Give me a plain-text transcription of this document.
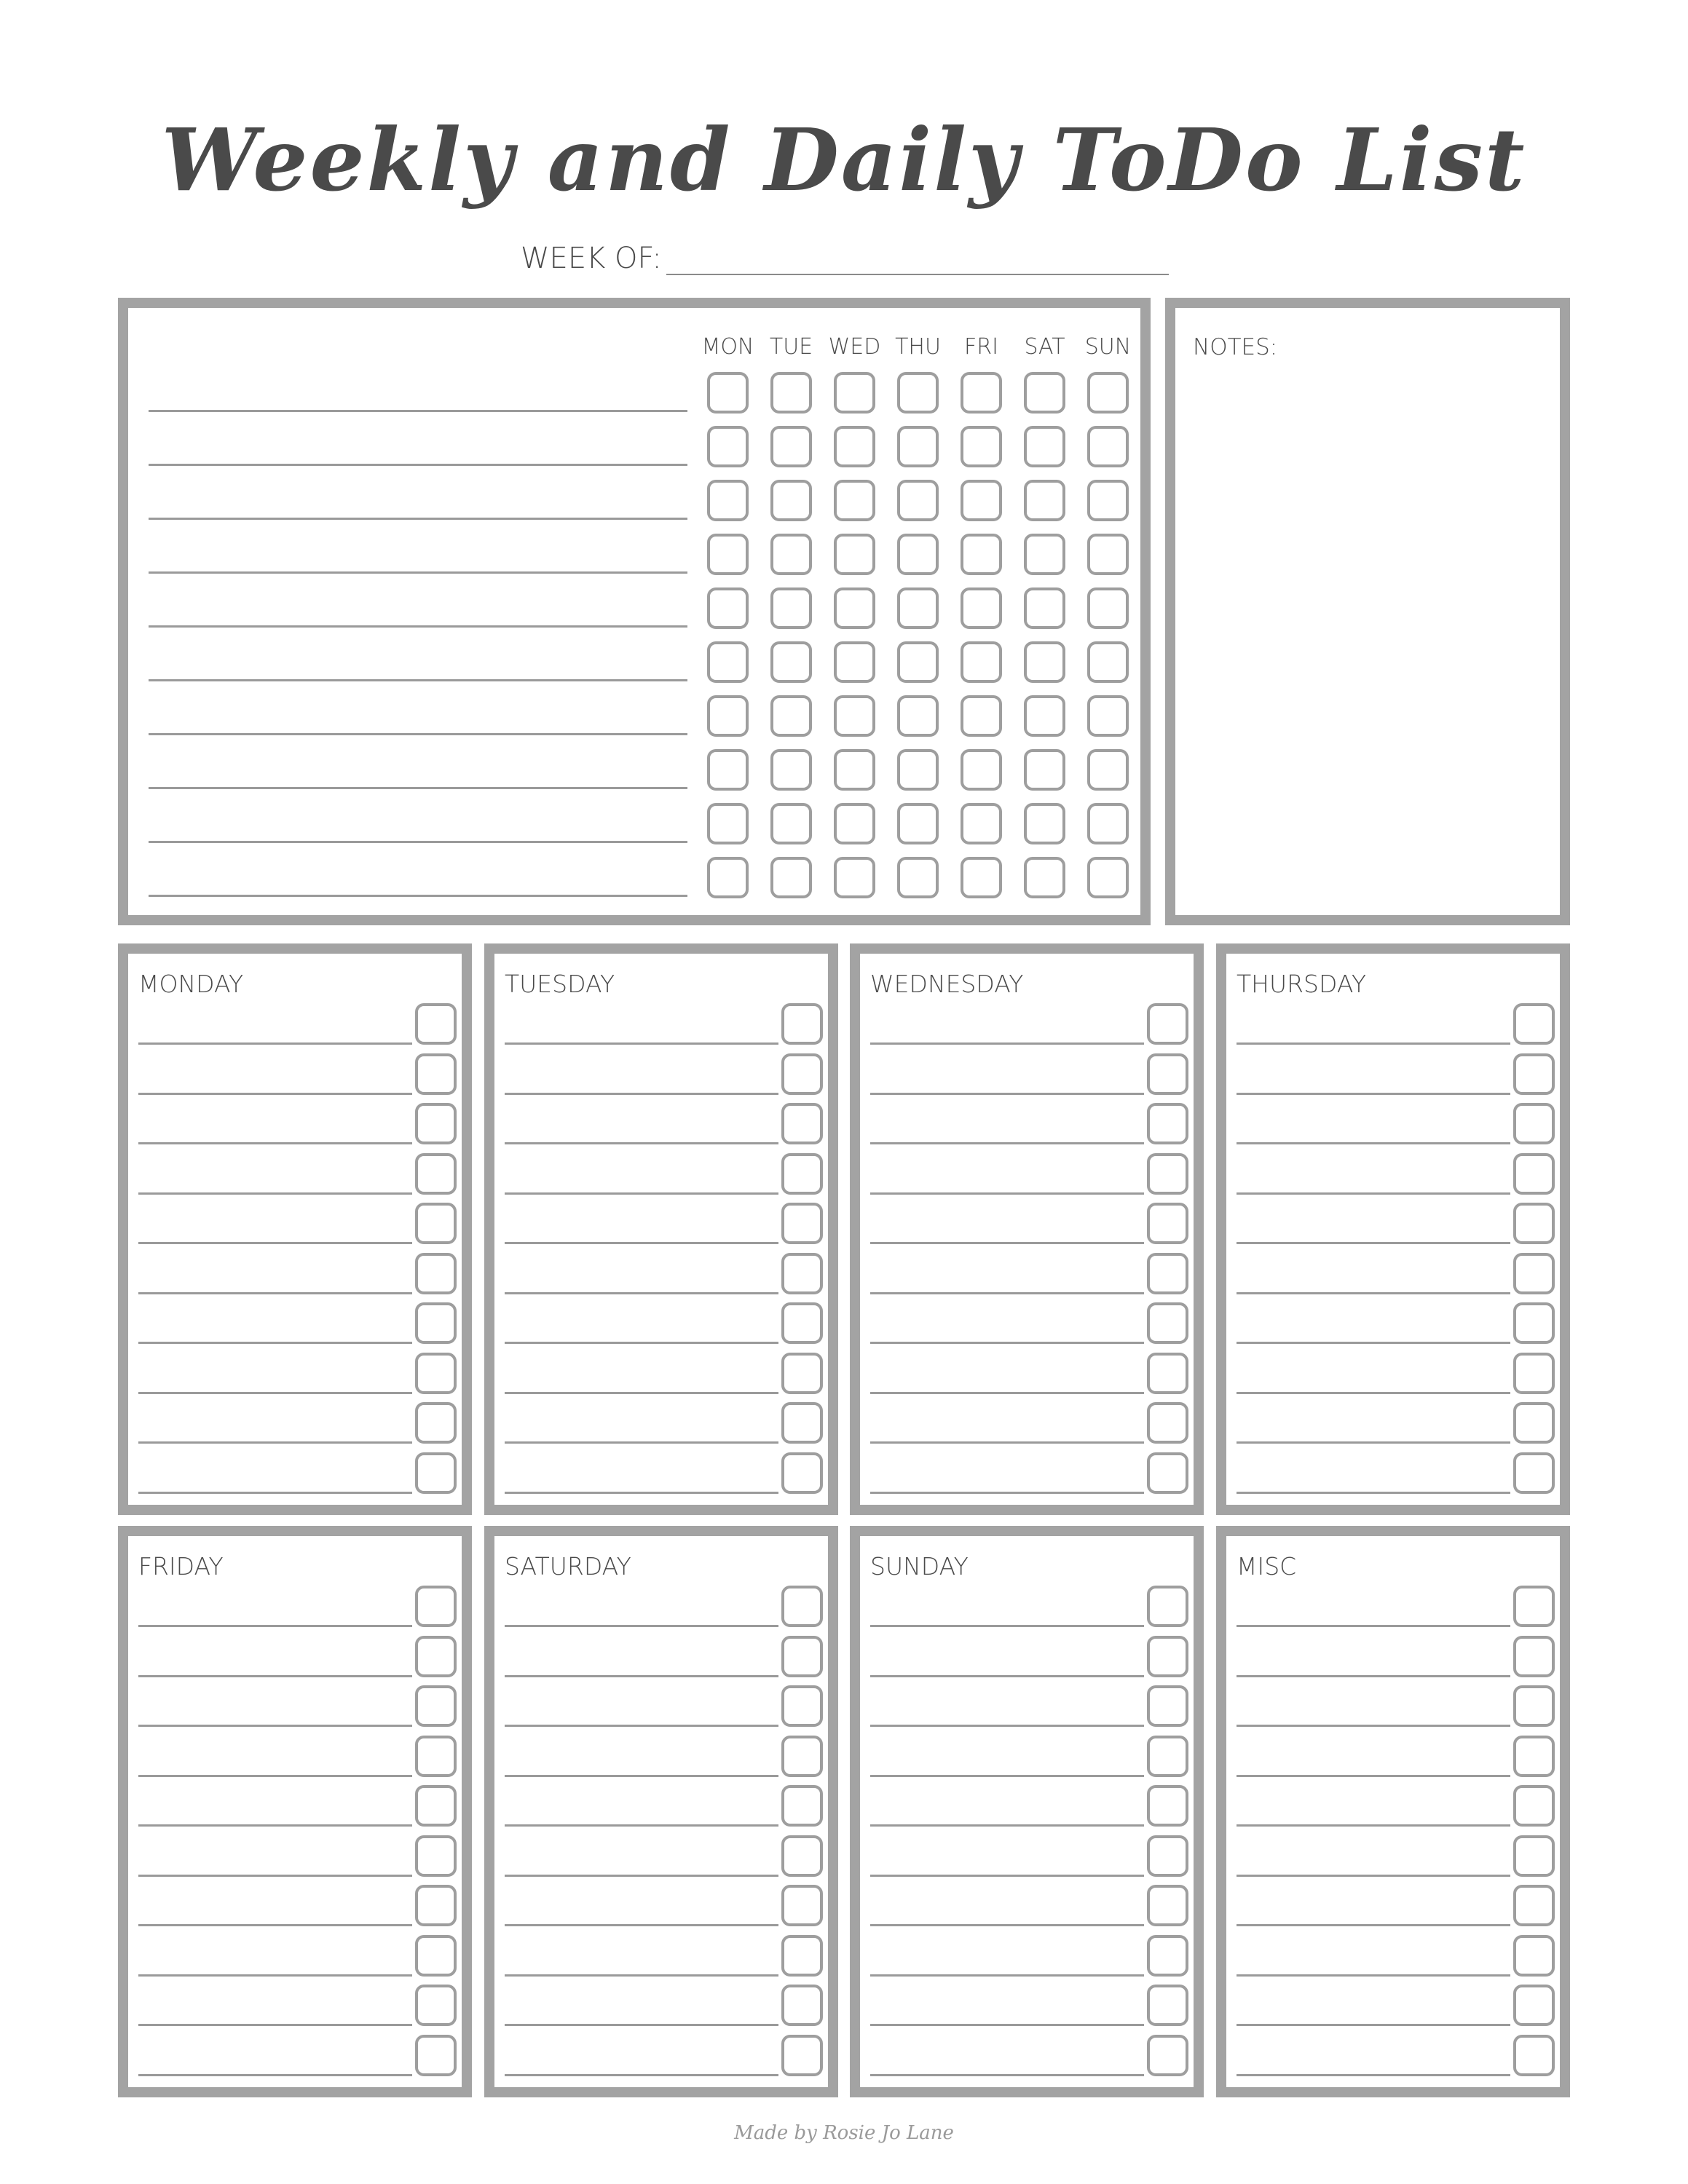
Weekly and Daily ToDo List
WEEK OF:
MON TUE WED THU	FRI	SAT SUN	NOTES:
MONDAY	TUESDAY	WEDNESDAY	THURSDAY
FRIDAY	SATURDAY	SUNDAY	MISC
Made by Rosie Jo Lane
